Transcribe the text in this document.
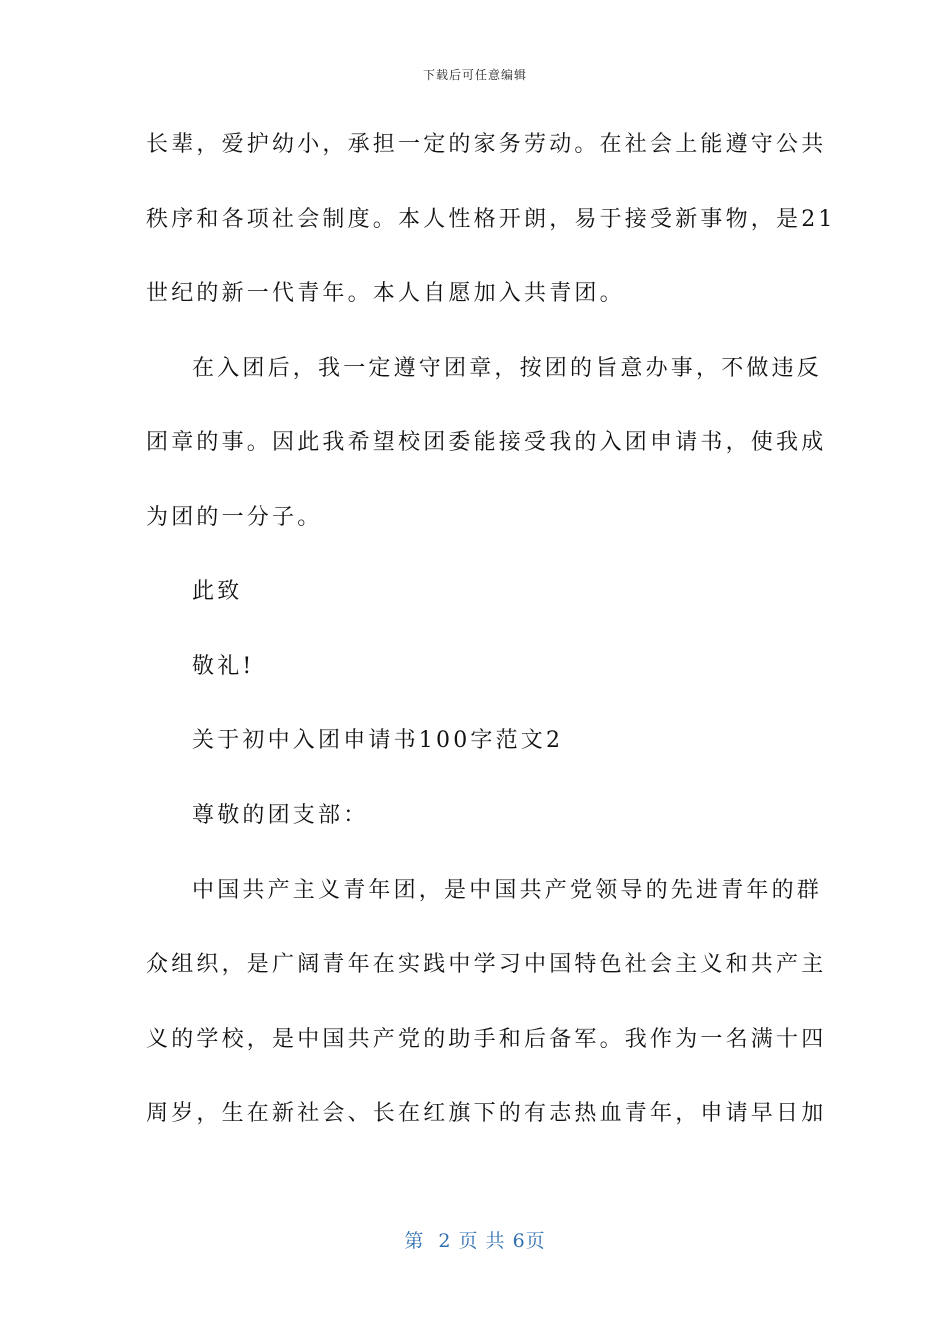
下载后可任意编辑
长辈，爱护幼小，承担一定的家务劳动。在社会上能遵守公共
秩序和各项社会制度。本人性格开朗，易于接受新事物，是21
世纪的新一代青年。本人自愿加入共青团。
在入团后，我一定遵守团章，按团的旨意办事，不做违反
团章的事。因此我希望校团委能接受我的入团申请书，使我成
为团的一分子。
此致
敬礼!
关于初中入团申请书100字范文2
尊敬的团支部：
中国共产主义青年团，是中国共产党领导的先进青年的群
众组织，是广阔青年在实践中学习中国特色社会主义和共产主
义的学校，是中国共产党的助手和后备军。我作为一名满十四
周岁，生在新社会、长在红旗下的有志热血青年，申请早日加
第  2 页 共 6页
